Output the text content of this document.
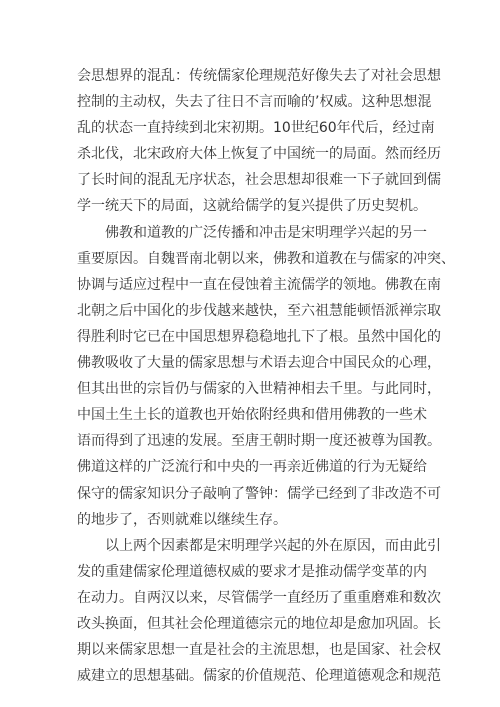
会思想界的混乱：传统儒家伦理规范好像失去了对社会思想
控制的主动权，失去了往日不言而喻的’权威。这种思想混
乱的状态一直持续到北宋初期。10世纪60年代后，经过南
杀北伐，北宋政府大体上恢复了中国统一的局面。然而经历
了长时间的混乱无序状态，社会思想却很难一下子就回到儒
学一统天下的局面，这就给儒学的复兴提供了历史契机。
佛教和道教的广泛传播和冲击是宋明理学兴起的另一
重要原因。自魏晋南北朝以来，佛教和道教在与儒家的冲突、
协调与适应过程中一直在侵蚀着主流儒学的领地。佛教在南
北朝之后中国化的步伐越来越快，至六祖慧能顿悟派禅宗取
得胜利时它已在中国思想界稳稳地扎下了根。虽然中国化的
佛教吸收了大量的儒家思想与术语去迎合中国民众的心理，
但其出世的宗旨仍与儒家的入世精神相去千里。与此同时，
中国土生土长的道教也开始依附经典和借用佛教的一些术
语而得到了迅速的发展。至唐王朝时期一度还被尊为国教。
佛道这样的广泛流行和中央的一再亲近佛道的行为无疑给
保守的儒家知识分子敲响了警钟：儒学已经到了非改造不可
的地步了，否则就难以继续生存。
以上两个因素都是宋明理学兴起的外在原因，而由此引
发的重建儒家伦理道德权威的要求才是推动儒学变革的内
在动力。自两汉以来，尽管儒学一直经历了重重磨难和数次
改头换面，但其社会伦理道德宗元的地位却是愈加巩固。长
期以来儒家思想一直是社会的主流思想，也是国家、社会权
威建立的思想基础。儒家的价值规范、伦理道德观念和规范
